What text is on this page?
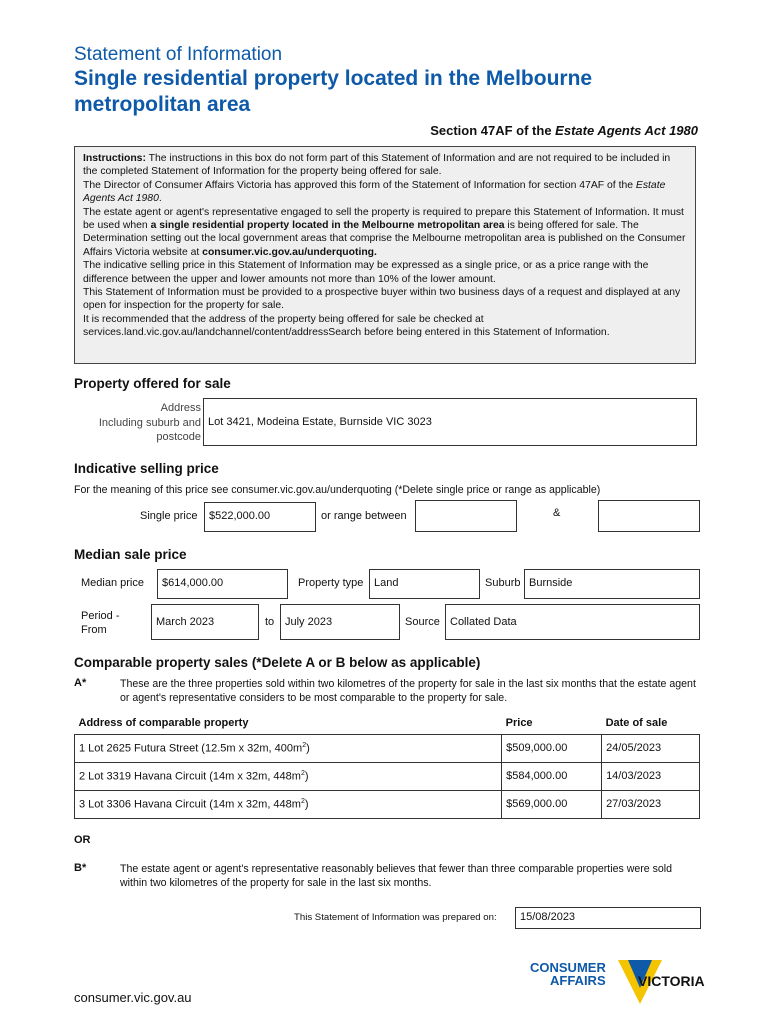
Statement of Information
Single residential property located in the Melbourne
metropolitan area
Section 47AF of the Estate Agents Act 1980

Instructions: The instructions in this box do not form part of this Statement of Information and are not required to be included in the completed Statement of Information for the property being offered for sale.

The Director of Consumer Affairs Victoria has approved this form of the Statement of Information for section 47AF of the Estate Agents Act 1980.

The estate agent or agent's representative engaged to sell the property is required to prepare this Statement of Information. It must be used when a single residential property located in the Melbourne metropolitan area is being offered for sale. The Determination setting out the local government areas that comprise the Melbourne metropolitan area is published on the Consumer Affairs Victoria website at consumer.vic.gov.au/underquoting.

The indicative selling price in this Statement of Information may be expressed as a single price, or as a price range with the difference between the upper and lower amounts not more than 10% of the lower amount.

This Statement of Information must be provided to a prospective buyer within two business days of a request and displayed at any open for inspection for the property for sale.

It is recommended that the address of the property being offered for sale be checked at services.land.vic.gov.au/landchannel/content/addressSearch before being entered in this Statement of Information.

Property offered for sale
Address
Including suburb and
postcode
Lot 3421, Modeina Estate, Burnside VIC 3023
Indicative selling price
For the meaning of this price see consumer.vic.gov.au/underquoting (*Delete single price or range as applicable)
Single price	$522,000.00	or range between	&
Median sale price
Median price	$614,000.00	Property type Land	Suburb Burnside
Period -
From
March 2023	to July 2023	Source Collated Data
Comparable property sales (*Delete A or B below as applicable)
A*	These are the three properties sold within two kilometres of the property for sale in the last six months that the estate agent or agent's representative considers to be most comparable to the property for sale.
Address of comparable property	Price	Date of sale
1 Lot 2625 Futura Street (12.5m x 32m, $400m^2$)	$509,000.00	24/05/2023
2 Lot 3319 Havana Circuit (14m x 32m, $448m^2$)	$584,000.00	14/03/2023
3 Lot 3306 Havana Circuit (14m x 32m, $448m^2$)	$569,000.00	27/03/2023
OR
B*	The estate agent or agent's representative reasonably believes that fewer than three comparable properties were sold within two kilometres of the property for sale in the last six months.
This Statement of Information was prepared on:	15/08/2023
CONSUMER
AFFAIRS VICTORIA
consumer.vic.gov.au
